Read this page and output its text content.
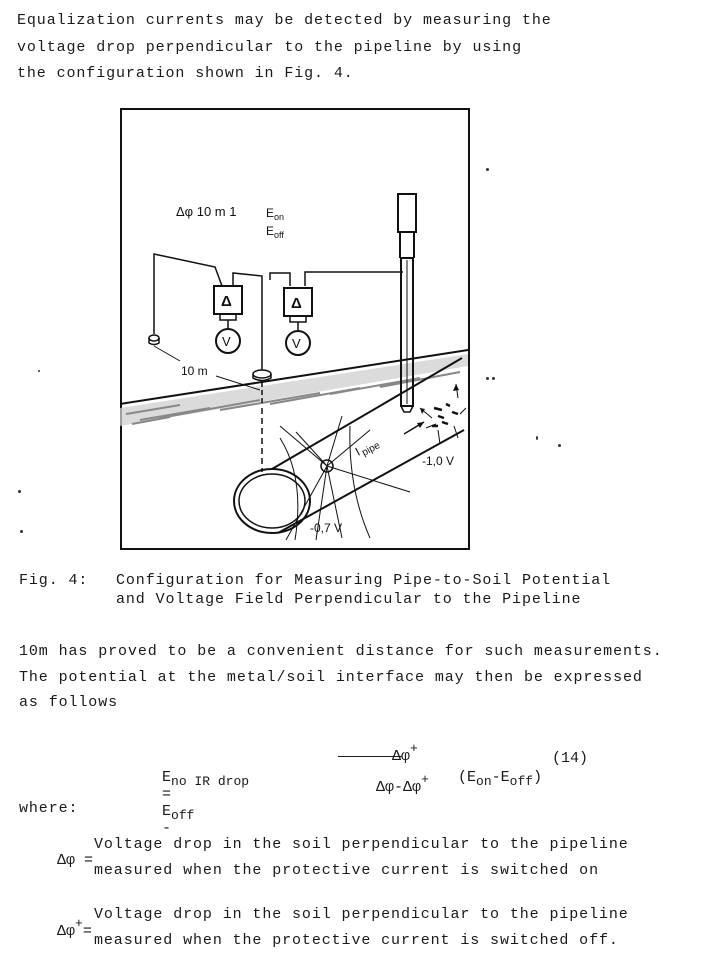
Equalization currents may be detected by measuring the
voltage drop perpendicular to the pipeline by using
the configuration shown in Fig. 4.
Δφ 10 m 1 E on
E off
Δ
V
Δ
V
10 m
I
pipe
-1,0 V
-0,7 V
Fig. 4: Configuration for Measuring Pipe-to-Soil Potential
and Voltage Field Perpendicular to the Pipeline
10m has proved to be a convenient distance for such measurements.
The potential at the metal/soil interface may then be expressed
as follows

Eno IR drop
=
Eoff
-

Δφ+

Δφ-Δφ+
	(Eon-Eoff)

(14)
where:

Δφ =

Voltage drop in the soil perpendicular to the pipeline
measured when the protective current is switched on

Δφ+=

Voltage drop in the soil perpendicular to the pipeline
measured when the protective current is switched off.
